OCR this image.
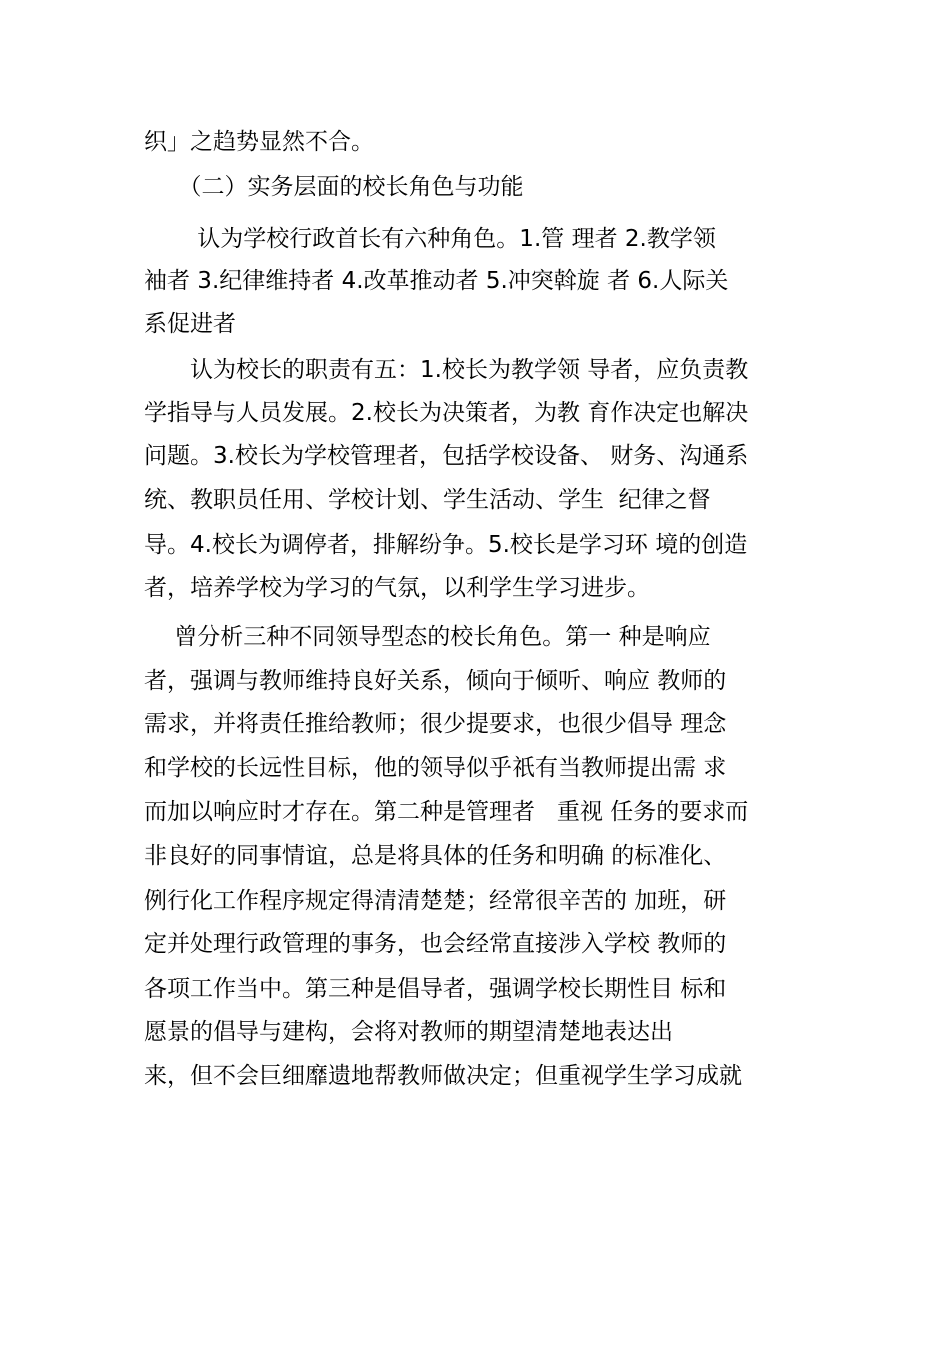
织」之趋势显然不合。
　　（二）实务层面的校长角色与功能
　　 认为学校行政首长有六种角色。1.管 理者 2.教学领
袖者 3.纪律维持者 4.改革推动者 5.冲突斡旋 者 6.人际关
系促进者
　　认为校长的职责有五：1.校长为教学领 导者，应负责教
学指导与人员发展。2.校长为决策者，为教 育作决定也解决
问题。3.校长为学校管理者，包括学校设备、 财务、沟通系
统、教职员任用、学校计划、学生活动、学生  纪律之督
导。4.校长为调停者，排解纷争。5.校长是学习环 境的创造
者，培养学校为学习的气氛，以利学生学习进步。
　 曾分析三种不同领导型态的校长角色。第一 种是响应
者，强调与教师维持良好关系，倾向于倾听、响应 教师的
需求，并将责任推给教师；很少提要求，也很少倡导 理念
和学校的长远性目标，他的领导似乎祇有当教师提出需 求
而加以响应时才存在。第二种是管理者   重视 任务的要求而
非良好的同事情谊，总是将具体的任务和明确 的标准化、
例行化工作程序规定得清清楚楚；经常很辛苦的 加班，研
定并处理行政管理的事务，也会经常直接涉入学校 教师的
各项工作当中。第三种是倡导者，强调学校长期性目 标和
愿景的倡导与建构，会将对教师的期望清楚地表达出
来，但不会巨细靡遗地帮教师做决定；但重视学生学习成就
